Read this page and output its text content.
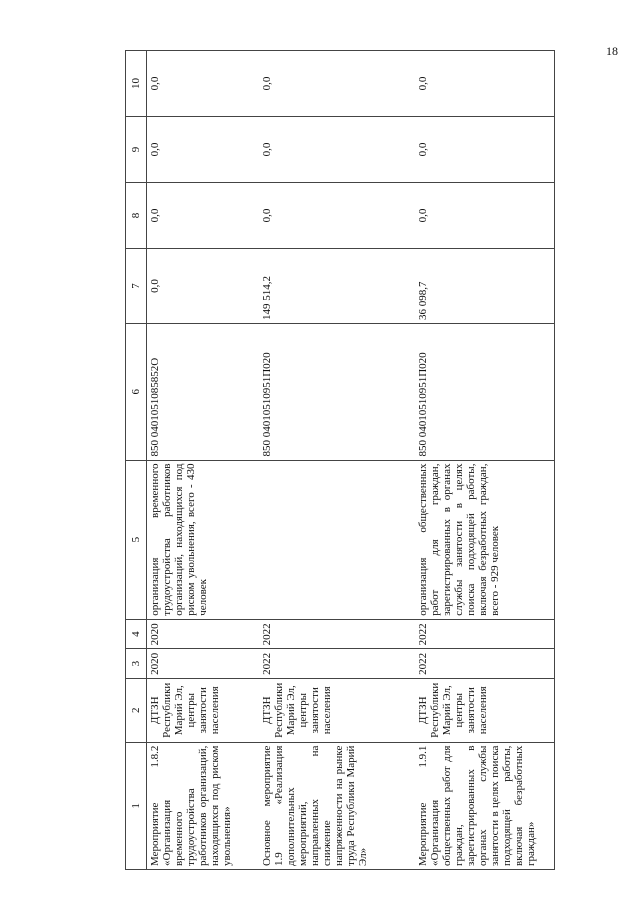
18
1	2	3	4	5	6	7	8	9	10
Мероприятие 1.8.2 «Организация временного трудоустройства работников организаций, находящихся под риском увольнения»	ДТЗН Республики Марий Эл, центры занятости населения	2020	2020	организация временного трудоустройства работников организаций, находящихся под риском увольнения, всего - 430 человек	850 0401051085852О	0,0	0,0	0,0	0,0
Основное мероприятие 1.9 «Реализация дополнительных мероприятий, направленных на снижение напряженности на рынке труда Республики Марий Эл»	ДТЗН Республики Марий Эл, центры занятости населения	2022	2022		850 04010510951П020	149 514,2	0,0	0,0	0,0
Мероприятие 1.9.1 «Организация общественных работ для граждан, зарегистрированных в органах службы занятости в целях поиска подходящей работы, включая безработных граждан»	ДТЗН Республики Марий Эл, центры занятости населения	2022	2022	организация общественных работ для граждан, зарегистрированных в органах службы занятости в целях поиска подходящей работы, включая безработных граждан, всего - 929 человек	850 04010510951П020	36 098,7	0,0	0,0	0,0
